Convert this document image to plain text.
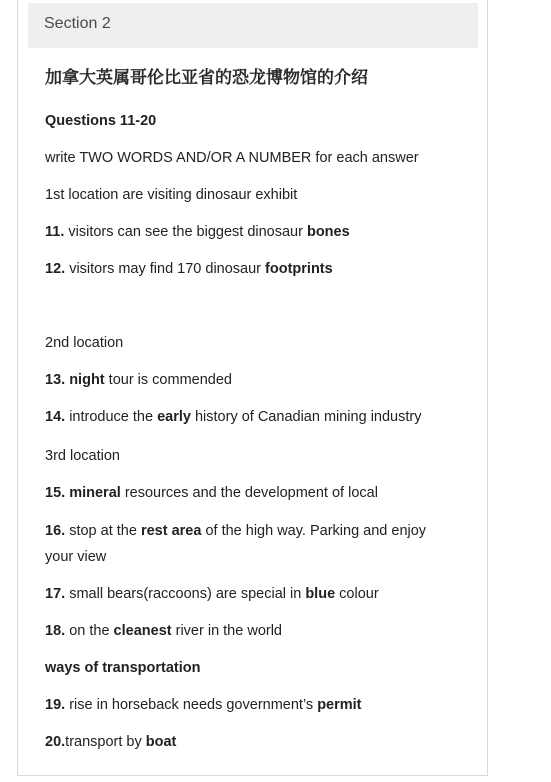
Section 2
加拿大英属哥伦比亚省的恐龙博物馆的介绍
Questions 11-20
write TWO WORDS AND/OR A NUMBER for each answer
1st location are visiting dinosaur exhibit
11. visitors can see the biggest dinosaur bones
12. visitors may find 170 dinosaur footprints
2nd location
13. night tour is commended
14. introduce the early history of Canadian mining industry
3rd location
15. mineral resources and the development of local
16. stop at the rest area of the high way. Parking and enjoy
your view
17. small bears(raccoons) are special in blue colour
18. on the cleanest river in the world
ways of transportation
19. rise in horseback needs government’s permit
20.transport by boat
